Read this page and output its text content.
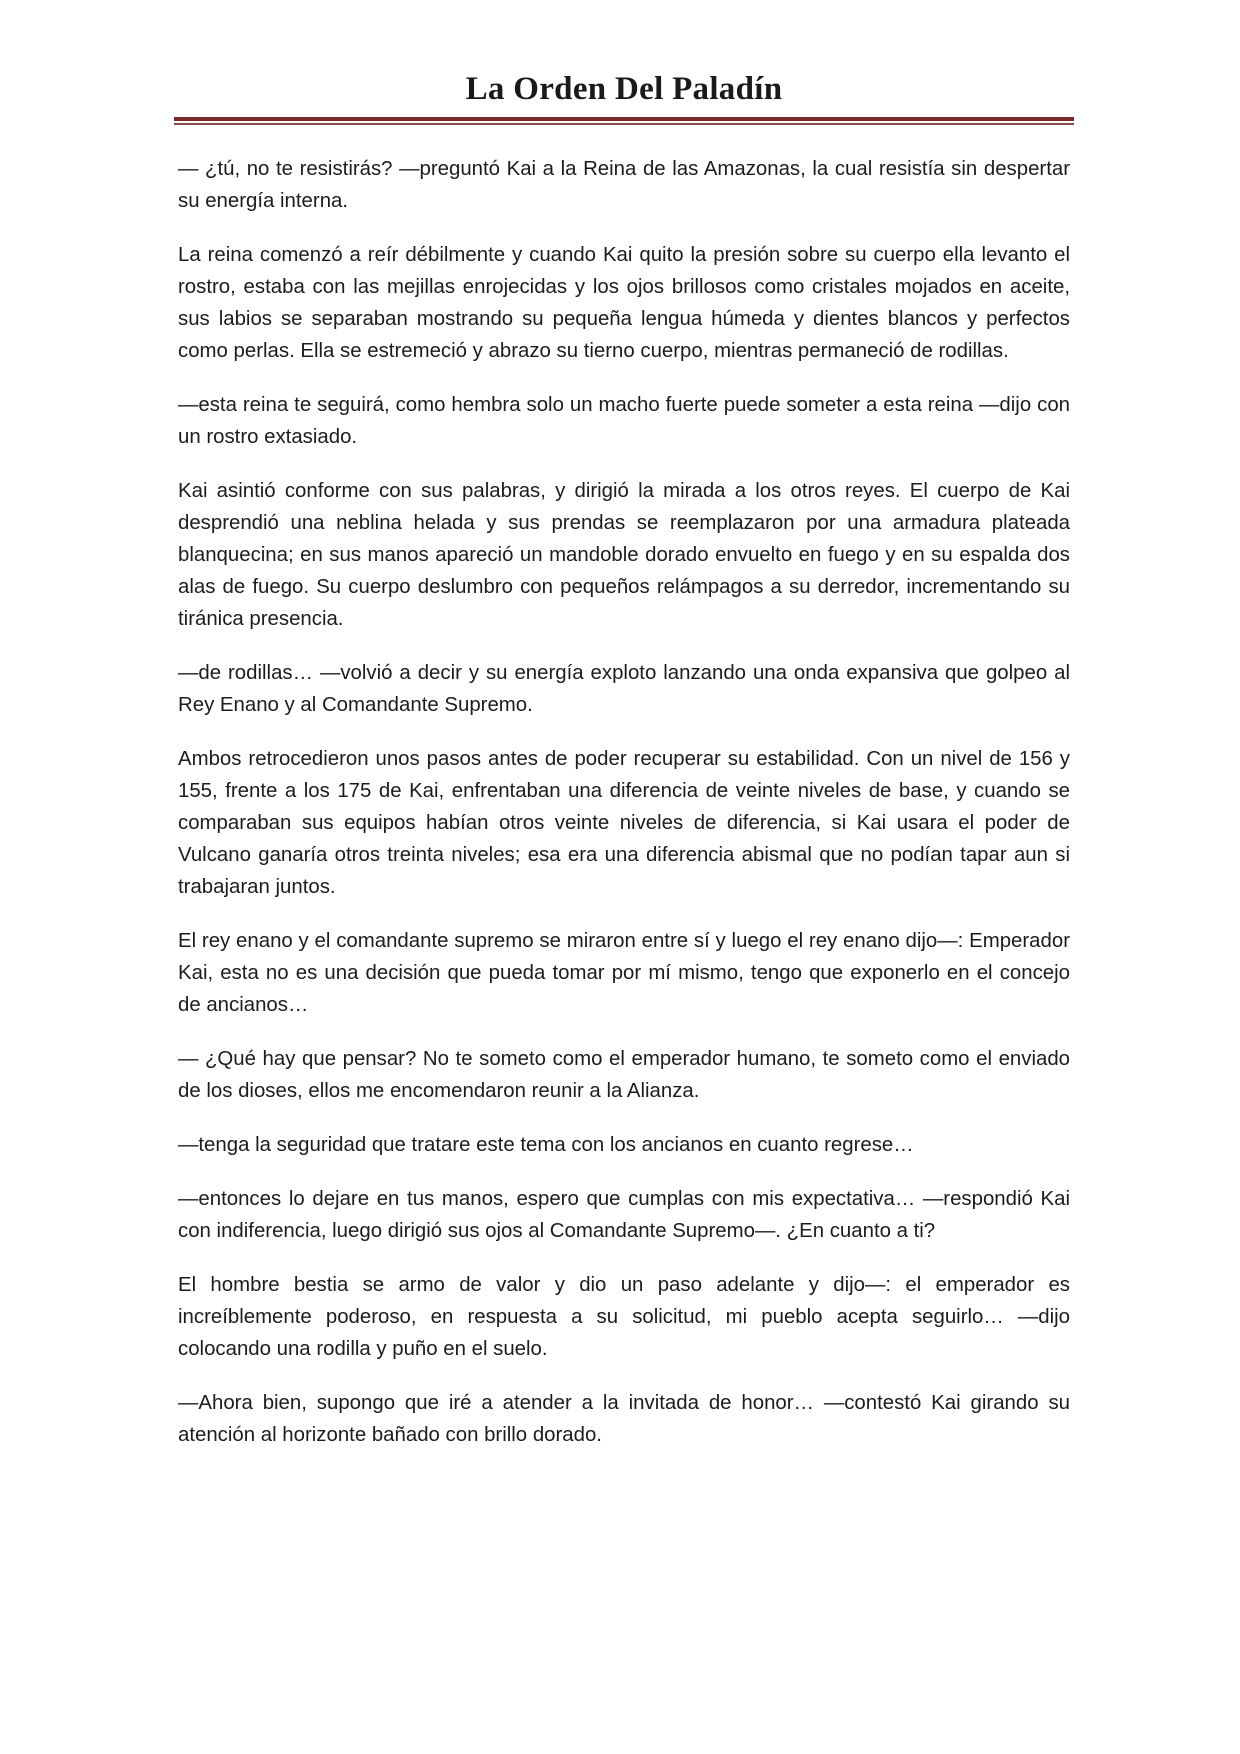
La Orden Del Paladín

— ¿tú, no te resistirás? —preguntó Kai a la Reina de las Amazonas, la cual resistía sin despertar su energía interna.

La reina comenzó a reír débilmente y cuando Kai quito la presión sobre su cuerpo ella levanto el rostro, estaba con las mejillas enrojecidas y los ojos brillosos como cristales mojados en aceite, sus labios se separaban mostrando su pequeña lengua húmeda y dientes blancos y perfectos como perlas. Ella se estremeció y abrazo su tierno cuerpo, mientras permaneció de rodillas.

—esta reina te seguirá, como hembra solo un macho fuerte puede someter a esta reina —dijo con un rostro extasiado.

Kai asintió conforme con sus palabras, y dirigió la mirada a los otros reyes. El cuerpo de Kai desprendió una neblina helada y sus prendas se reemplazaron por una armadura plateada blanquecina; en sus manos apareció un mandoble dorado envuelto en fuego y en su espalda dos alas de fuego. Su cuerpo deslumbro con pequeños relámpagos a su derredor, incrementando su tiránica presencia.

—de rodillas… —volvió a decir y su energía exploto lanzando una onda expansiva que golpeo al Rey Enano y al Comandante Supremo.

Ambos retrocedieron unos pasos antes de poder recuperar su estabilidad. Con un nivel de 156 y 155, frente a los 175 de Kai, enfrentaban una diferencia de veinte niveles de base, y cuando se comparaban sus equipos habían otros veinte niveles de diferencia, si Kai usara el poder de Vulcano ganaría otros treinta niveles; esa era una diferencia abismal que no podían tapar aun si trabajaran juntos.

El rey enano y el comandante supremo se miraron entre sí y luego el rey enano dijo—: Emperador Kai, esta no es una decisión que pueda tomar por mí mismo, tengo que exponerlo en el concejo de ancianos…

— ¿Qué hay que pensar? No te someto como el emperador humano, te someto como el enviado de los dioses, ellos me encomendaron reunir a la Alianza.

—tenga la seguridad que tratare este tema con los ancianos en cuanto regrese…

—entonces lo dejare en tus manos, espero que cumplas con mis expectativa… —respondió Kai con indiferencia, luego dirigió sus ojos al Comandante Supremo—. ¿En cuanto a ti?

El hombre bestia se armo de valor y dio un paso adelante y dijo—: el emperador es increíblemente poderoso, en respuesta a su solicitud, mi pueblo acepta seguirlo… —dijo colocando una rodilla y puño en el suelo.

—Ahora bien, supongo que iré a atender a la invitada de honor… —contestó Kai girando su atención al horizonte bañado con brillo dorado.
